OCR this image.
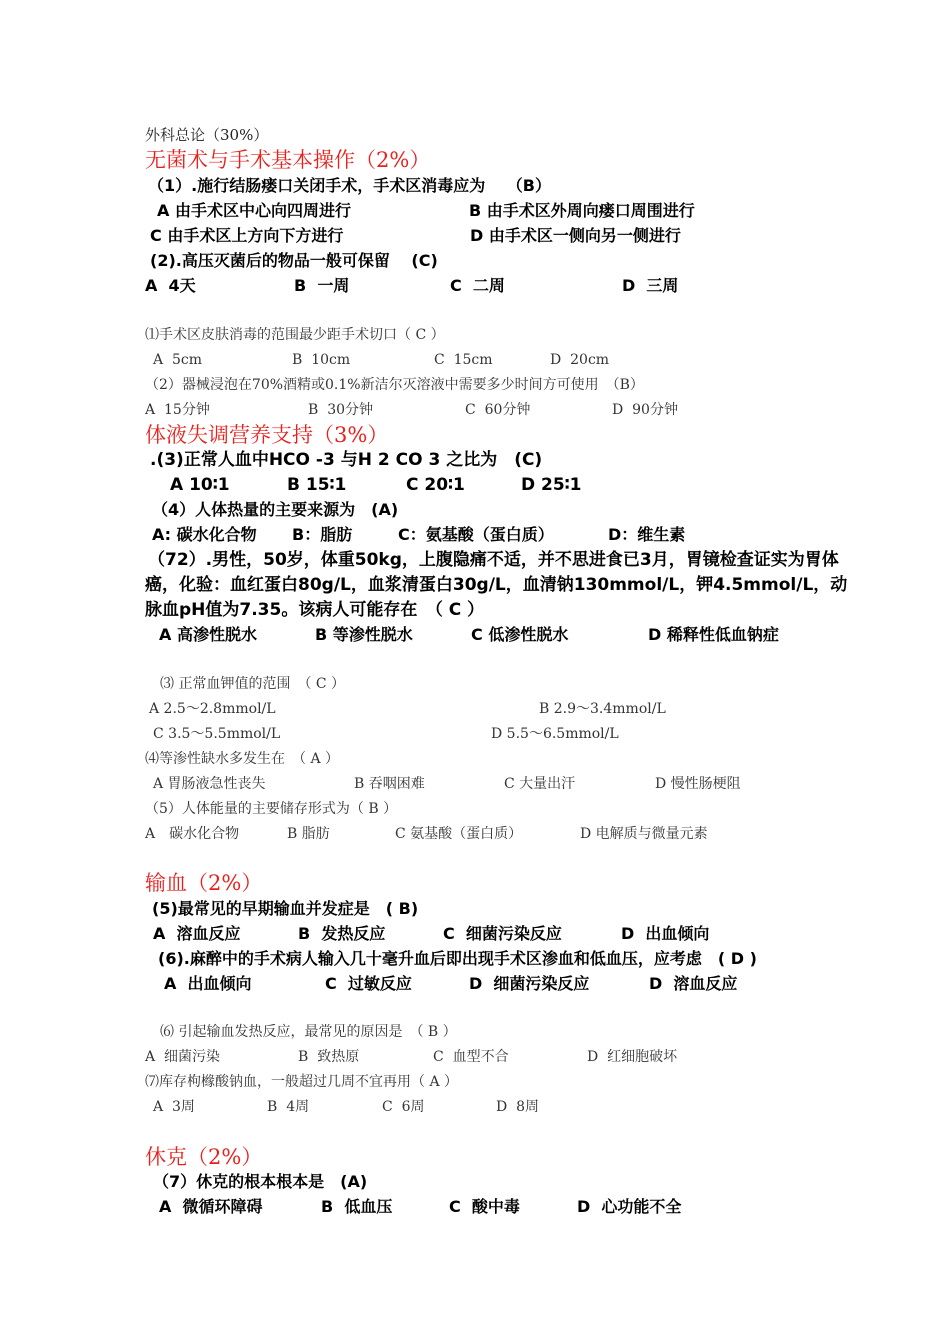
外科总论（30%）
无菌术与手术基本操作（2%）
（1）.施行结肠瘘口关闭手术，手术区消毒应为　 （B）
A 由手术区中心向四周进行	B 由手术区外周向瘘口周围进行
C 由手术区上方向下方进行	D 由手术区一侧向另一侧进行
(2).高压灭菌后的物品一般可保留　 (C)
A  4天	B  一周	C  二周	D  三周
⑴手术区皮肤消毒的范围最少距手术切口（ C ）
A  5cm	B  10cm	C  15cm	D  20cm
（2）器械浸泡在70%酒精或0.1%新洁尔灭溶液中需要多少时间方可使用　（B）
A  15分钟	B  30分钟	C  60分钟	D  90分钟
体液失调营养支持（3%）
.(3)正常人血中HCO -3 与H 2 CO 3 之比为　(C)
A 10∶1	B 15∶1	C 20∶1	D 25∶1
（4）人体热量的主要来源为　(A)
A: 碳水化合物 B：脂肪	C：氨基酸（蛋白质）	D：维生素
（72）.男性，50岁，体重50kg，上腹隐痛不适，并不思进食已3月，胃镜检查证实为胃体
癌，化验：血红蛋白80g/L，血浆清蛋白30g/L，血清钠130mmol/L，钾4.5mmol/L，动
脉血pH值为7.35。该病人可能存在　（ C ）
A 高渗性脱水	B 等渗性脱水	C 低渗性脱水	D 稀释性低血钠症
⑶ 正常血钾值的范围　（ C ）
A 2.5～2.8mmol/L	B 2.9～3.4mmol/L
C 3.5～5.5mmol/L	D 5.5～6.5mmol/L
⑷等渗性缺水多发生在　（ A ）
A 胃肠液急性丧失	B 吞咽困难	C 大量出汗	D 慢性肠梗阻
（5）人体能量的主要储存形式为（ B ）
A　碳水化合物	B 脂肪	C 氨基酸（蛋白质）	D 电解质与微量元素
输血（2%）
(5)最常见的早期输血并发症是　( B)
A  溶血反应	B  发热反应	C  细菌污染反应	D  出血倾向
(6).麻醉中的手术病人输入几十毫升血后即出现手术区渗血和低血压，应考虑　( D )
A  出血倾向	C  过敏反应	D  细菌污染反应	D  溶血反应
⑹ 引起输血发热反应，最常见的原因是　（ B ）
A  细菌污染	B  致热原	C  血型不合	D  红细胞破坏
⑺库存枸橼酸钠血，一般超过几周不宜再用（ A ）
A  3周	B  4周	C  6周	D  8周
休克（2%）
（7）休克的根本根本是　(A)
A  微循环障碍	B  低血压	C  酸中毒	D  心功能不全
